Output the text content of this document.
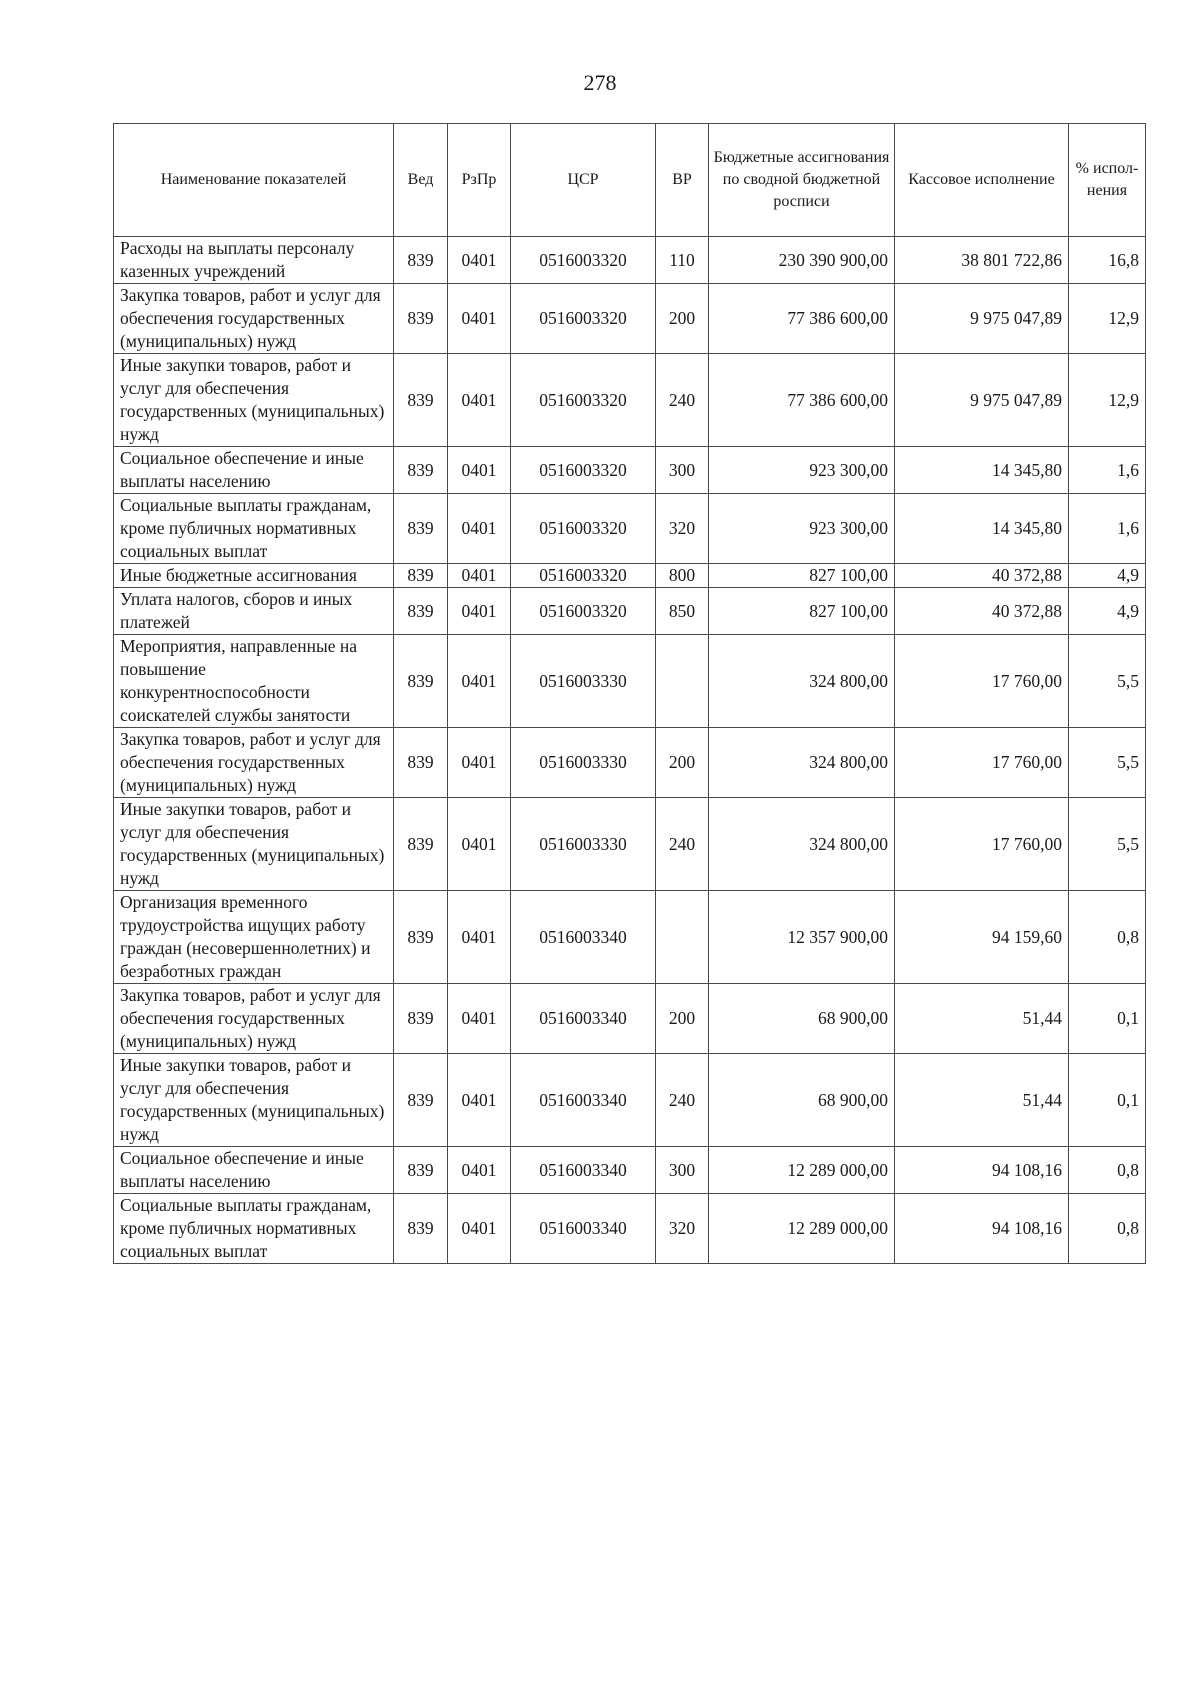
278
Наименование показателей	Вед	РзПр	ЦСР	ВР	Бюджетные ассигнования по сводной бюджетной росписи	Кассовое исполнение	% испол-нения
Расходы на выплаты персоналу казенных учреждений	839	0401	0516003320	110	230 390 900,00	38 801 722,86	16,8
Закупка товаров, работ и услуг для обеспечения государственных (муниципальных) нужд	839	0401	0516003320	200	77 386 600,00	9 975 047,89	12,9
Иные закупки товаров, работ и услуг для обеспечения государственных (муниципальных) нужд	839	0401	0516003320	240	77 386 600,00	9 975 047,89	12,9
Социальное обеспечение и иные выплаты населению	839	0401	0516003320	300	923 300,00	14 345,80	1,6
Социальные выплаты гражданам, кроме публичных нормативных социальных выплат	839	0401	0516003320	320	923 300,00	14 345,80	1,6
Иные бюджетные ассигнования	839	0401	0516003320	800	827 100,00	40 372,88	4,9
Уплата налогов, сборов и иных платежей	839	0401	0516003320	850	827 100,00	40 372,88	4,9
Мероприятия, направленные на повышение конкурентноспособности соискателей службы занятости	839	0401	0516003330		324 800,00	17 760,00	5,5
Закупка товаров, работ и услуг для обеспечения государственных (муниципальных) нужд	839	0401	0516003330	200	324 800,00	17 760,00	5,5
Иные закупки товаров, работ и услуг для обеспечения государственных (муниципальных) нужд	839	0401	0516003330	240	324 800,00	17 760,00	5,5
Организация временного трудоустройства ищущих работу граждан (несовершеннолетних) и безработных граждан	839	0401	0516003340		12 357 900,00	94 159,60	0,8
Закупка товаров, работ и услуг для обеспечения государственных (муниципальных) нужд	839	0401	0516003340	200	68 900,00	51,44	0,1
Иные закупки товаров, работ и услуг для обеспечения государственных (муниципальных) нужд	839	0401	0516003340	240	68 900,00	51,44	0,1
Социальное обеспечение и иные выплаты населению	839	0401	0516003340	300	12 289 000,00	94 108,16	0,8
Социальные выплаты гражданам, кроме публичных нормативных социальных выплат	839	0401	0516003340	320	12 289 000,00	94 108,16	0,8
